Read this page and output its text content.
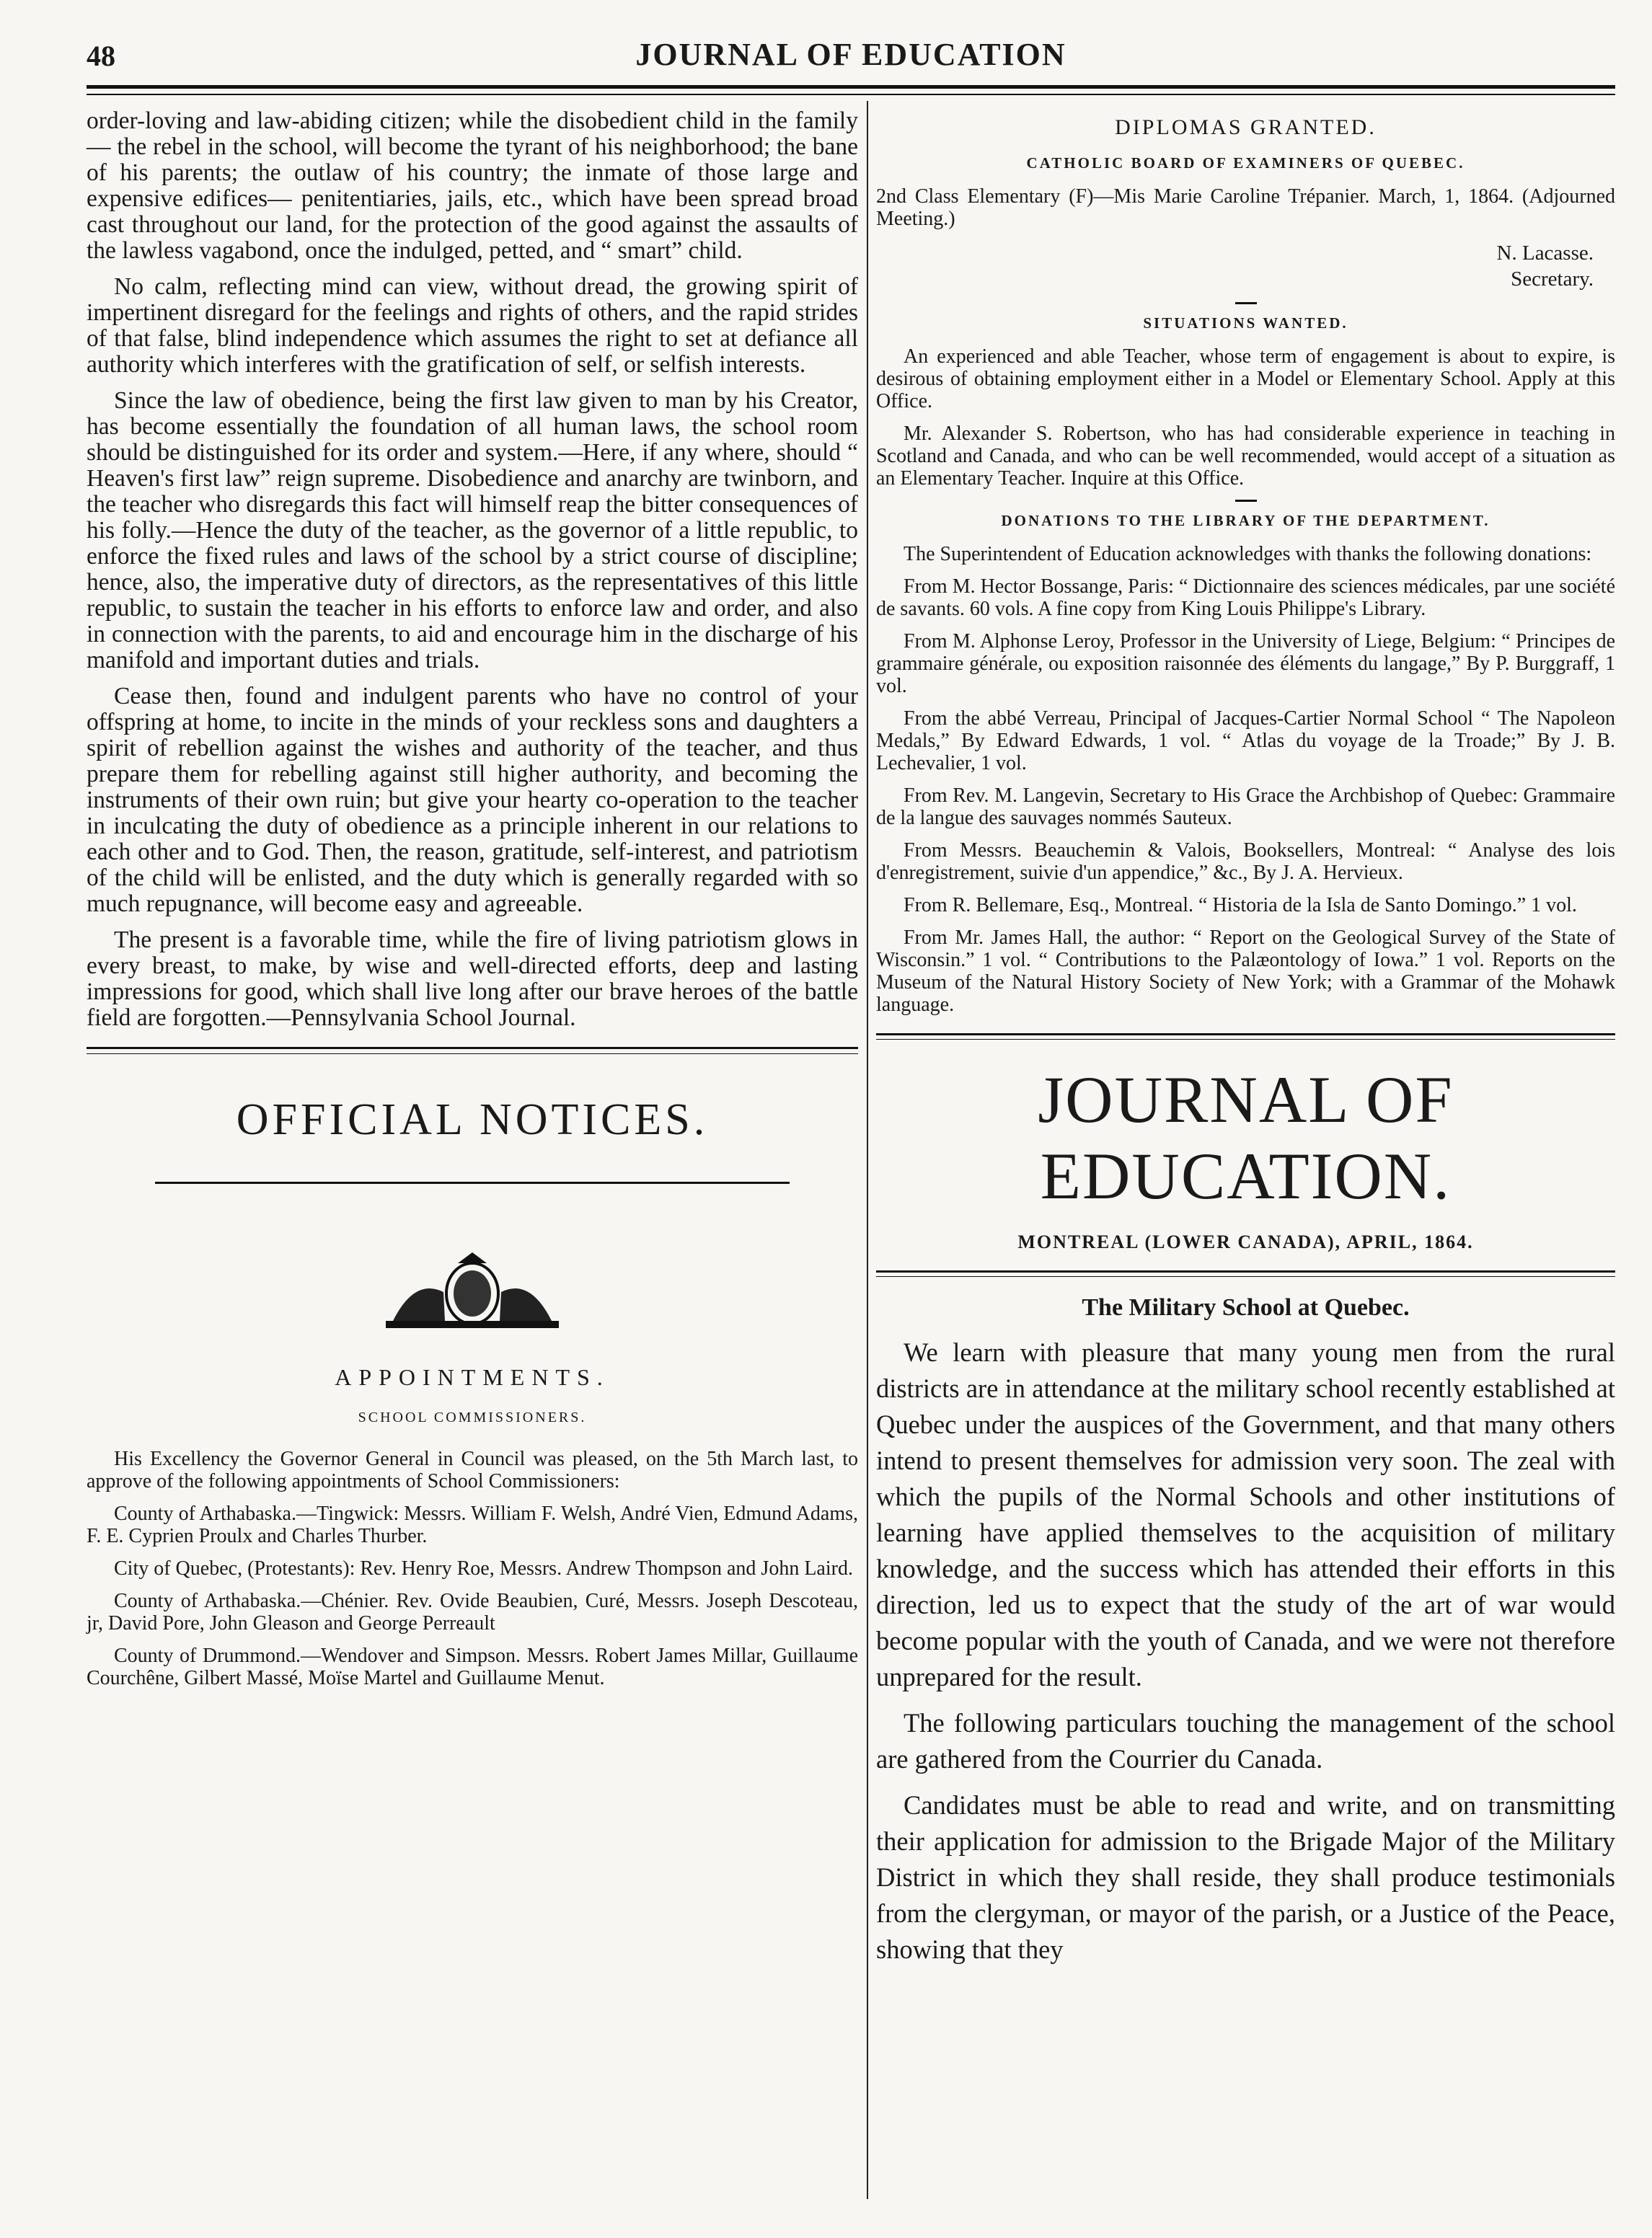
48	JOURNAL OF EDUCATION

order-loving and law-abiding citizen; while the disobedient child in the family— the rebel in the school, will become the tyrant of his neighborhood; the bane of his parents; the outlaw of his country; the inmate of those large and expensive edifices— penitentiaries, jails, etc., which have been spread broad cast throughout our land, for the protection of the good against the assaults of the lawless vagabond, once the indulged, petted, and “ smart” child.

No calm, reflecting mind can view, without dread, the growing spirit of impertinent disregard for the feelings and rights of others, and the rapid strides of that false, blind independence which assumes the right to set at defiance all authority which interferes with the gratification of self, or selfish interests.

Since the law of obedience, being the first law given to man by his Creator, has become essentially the foundation of all human laws, the school room should be distinguished for its order and system.—Here, if any where, should “ Heaven's first law” reign supreme. Disobedience and anarchy are twinborn, and the teacher who disregards this fact will himself reap the bitter consequences of his folly.—Hence the duty of the teacher, as the governor of a little republic, to enforce the fixed rules and laws of the school by a strict course of discipline; hence, also, the imperative duty of directors, as the representatives of this little republic, to sustain the teacher in his efforts to enforce law and order, and also in connection with the parents, to aid and encourage him in the discharge of his manifold and important duties and trials.

Cease then, found and indulgent parents who have no control of your offspring at home, to incite in the minds of your reckless sons and daughters a spirit of rebellion against the wishes and authority of the teacher, and thus prepare them for rebelling against still higher authority, and becoming the instruments of their own ruin; but give your hearty co-operation to the teacher in inculcating the duty of obedience as a principle inherent in our relations to each other and to God. Then, the reason, gratitude, self-interest, and patriotism of the child will be enlisted, and the duty which is generally regarded with so much repugnance, will become easy and agreeable.

The present is a favorable time, while the fire of living patriotism glows in every breast, to make, by wise and well-directed efforts, deep and lasting impressions for good, which shall live long after our brave heroes of the battle field are forgotten.—Pennsylvania School Journal.

OFFICIAL NOTICES.
APPOINTMENTS.
SCHOOL COMMISSIONERS.

His Excellency the Governor General in Council was pleased, on the 5th March last, to approve of the following appointments of School Commissioners:

County of Arthabaska.—Tingwick: Messrs. William F. Welsh, André Vien, Edmund Adams, F. E. Cyprien Proulx and Charles Thurber.

City of Quebec, (Protestants): Rev. Henry Roe, Messrs. Andrew Thompson and John Laird.

County of Arthabaska.—Chénier. Rev. Ovide Beaubien, Curé, Messrs. Joseph Descoteau, jr, David Pore, John Gleason and George Perreault

County of Drummond.—Wendover and Simpson. Messrs. Robert James Millar, Guillaume Courchêne, Gilbert Massé, Moïse Martel and Guillaume Menut.

DIPLOMAS GRANTED.
CATHOLIC BOARD OF EXAMINERS OF QUEBEC.

2nd Class Elementary (F)—Mis Marie Caroline Trépanier. March, 1, 1864. (Adjourned Meeting.)

N. Lacasse.
Secretary.
SITUATIONS WANTED.

An experienced and able Teacher, whose term of engagement is about to expire, is desirous of obtaining employment either in a Model or Elementary School. Apply at this Office.

Mr. Alexander S. Robertson, who has had considerable experience in teaching in Scotland and Canada, and who can be well recommended, would accept of a situation as an Elementary Teacher. Inquire at this Office.

DONATIONS TO THE LIBRARY OF THE DEPARTMENT.

The Superintendent of Education acknowledges with thanks the following donations:

From M. Hector Bossange, Paris: “ Dictionnaire des sciences médicales, par une société de savants. 60 vols. A fine copy from King Louis Philippe's Library.

From M. Alphonse Leroy, Professor in the University of Liege, Belgium: “ Principes de grammaire générale, ou exposition raisonnée des éléments du langage,” By P. Burggraff, 1 vol.

From the abbé Verreau, Principal of Jacques-Cartier Normal School “ The Napoleon Medals,” By Edward Edwards, 1 vol. “ Atlas du voyage de la Troade;” By J. B. Lechevalier, 1 vol.

From Rev. M. Langevin, Secretary to His Grace the Archbishop of Quebec: Grammaire de la langue des sauvages nommés Sauteux.

From Messrs. Beauchemin & Valois, Booksellers, Montreal: “ Analyse des lois d'enregistrement, suivie d'un appendice,” &c., By J. A. Hervieux.

From R. Bellemare, Esq., Montreal. “ Historia de la Isla de Santo Domingo.” 1 vol.

From Mr. James Hall, the author: “ Report on the Geological Survey of the State of Wisconsin.” 1 vol. “ Contributions to the Palæontology of Iowa.” 1 vol. Reports on the Museum of the Natural History Society of New York; with a Grammar of the Mohawk language.

JOURNAL OF EDUCATION.
MONTREAL (LOWER CANADA), APRIL, 1864.
The Military School at Quebec.

We learn with pleasure that many young men from the rural districts are in attendance at the military school recently established at Quebec under the auspices of the Government, and that many others intend to present themselves for admission very soon. The zeal with which the pupils of the Normal Schools and other institutions of learning have applied themselves to the acquisition of military knowledge, and the success which has attended their efforts in this direction, led us to expect that the study of the art of war would become popular with the youth of Canada, and we were not therefore unprepared for the result.

The following particulars touching the management of the school are gathered from the Courrier du Canada.

Candidates must be able to read and write, and on transmitting their application for admission to the Brigade Major of the Military District in which they shall reside, they shall produce testimonials from the clergyman, or mayor of the parish, or a Justice of the Peace, showing that they
